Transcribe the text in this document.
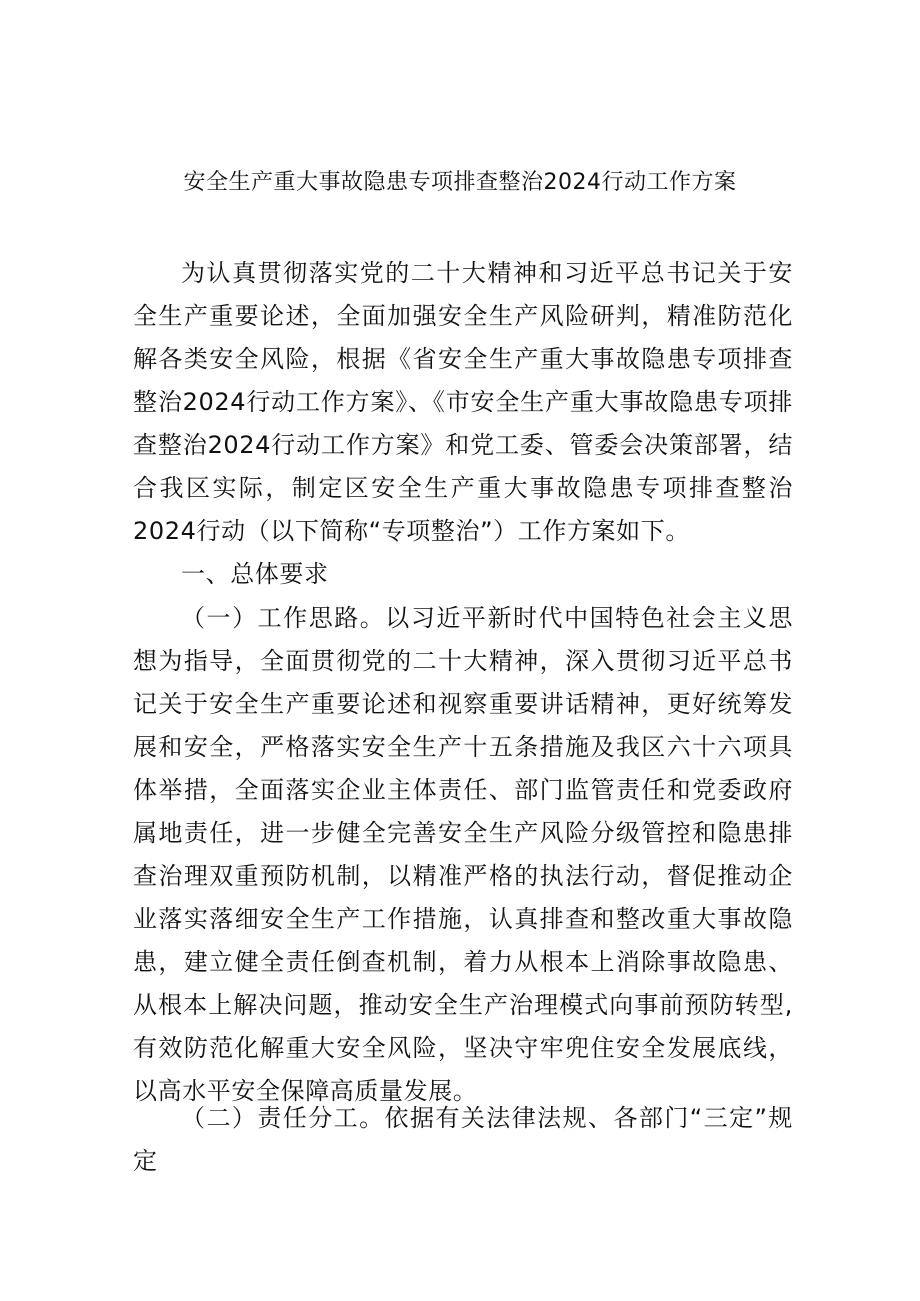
安全生产重大事故隐患专项排查整治2024行动工作方案

为认真贯彻落实党的二十大精神和习近平总书记关于安全生产重要论述，全面加强安全生产风险研判，精准防范化解各类安全风险，根据《省安全生产重大事故隐患专项排查整治2024行动工作方案》、《市安全生产重大事故隐患专项排查整治2024行动工作方案》和党工委、管委会决策部署，结合我区实际，制定区安全生产重大事故隐患专项排查整治2024行动（以下简称“专项整治”）工作方案如下。

一、总体要求

（一）工作思路。以习近平新时代中国特色社会主义思想为指导，全面贯彻党的二十大精神，深入贯彻习近平总书记关于安全生产重要论述和视察重要讲话精神，更好统筹发展和安全，严格落实安全生产十五条措施及我区六十六项具体举措，全面落实企业主体责任、部门监管责任和党委政府属地责任，进一步健全完善安全生产风险分级管控和隐患排查治理双重预防机制，以精准严格的执法行动，督促推动企业落实落细安全生产工作措施，认真排查和整改重大事故隐患，建立健全责任倒查机制，着力从根本上消除事故隐患、从根本上解决问题，推动安全生产治理模式向事前预防转型,有效防范化解重大安全风险，坚决守牢兜住安全发展底线，以高水平安全保障高质量发展。

（二）责任分工。依据有关法律法规、各部门“三定”规定
